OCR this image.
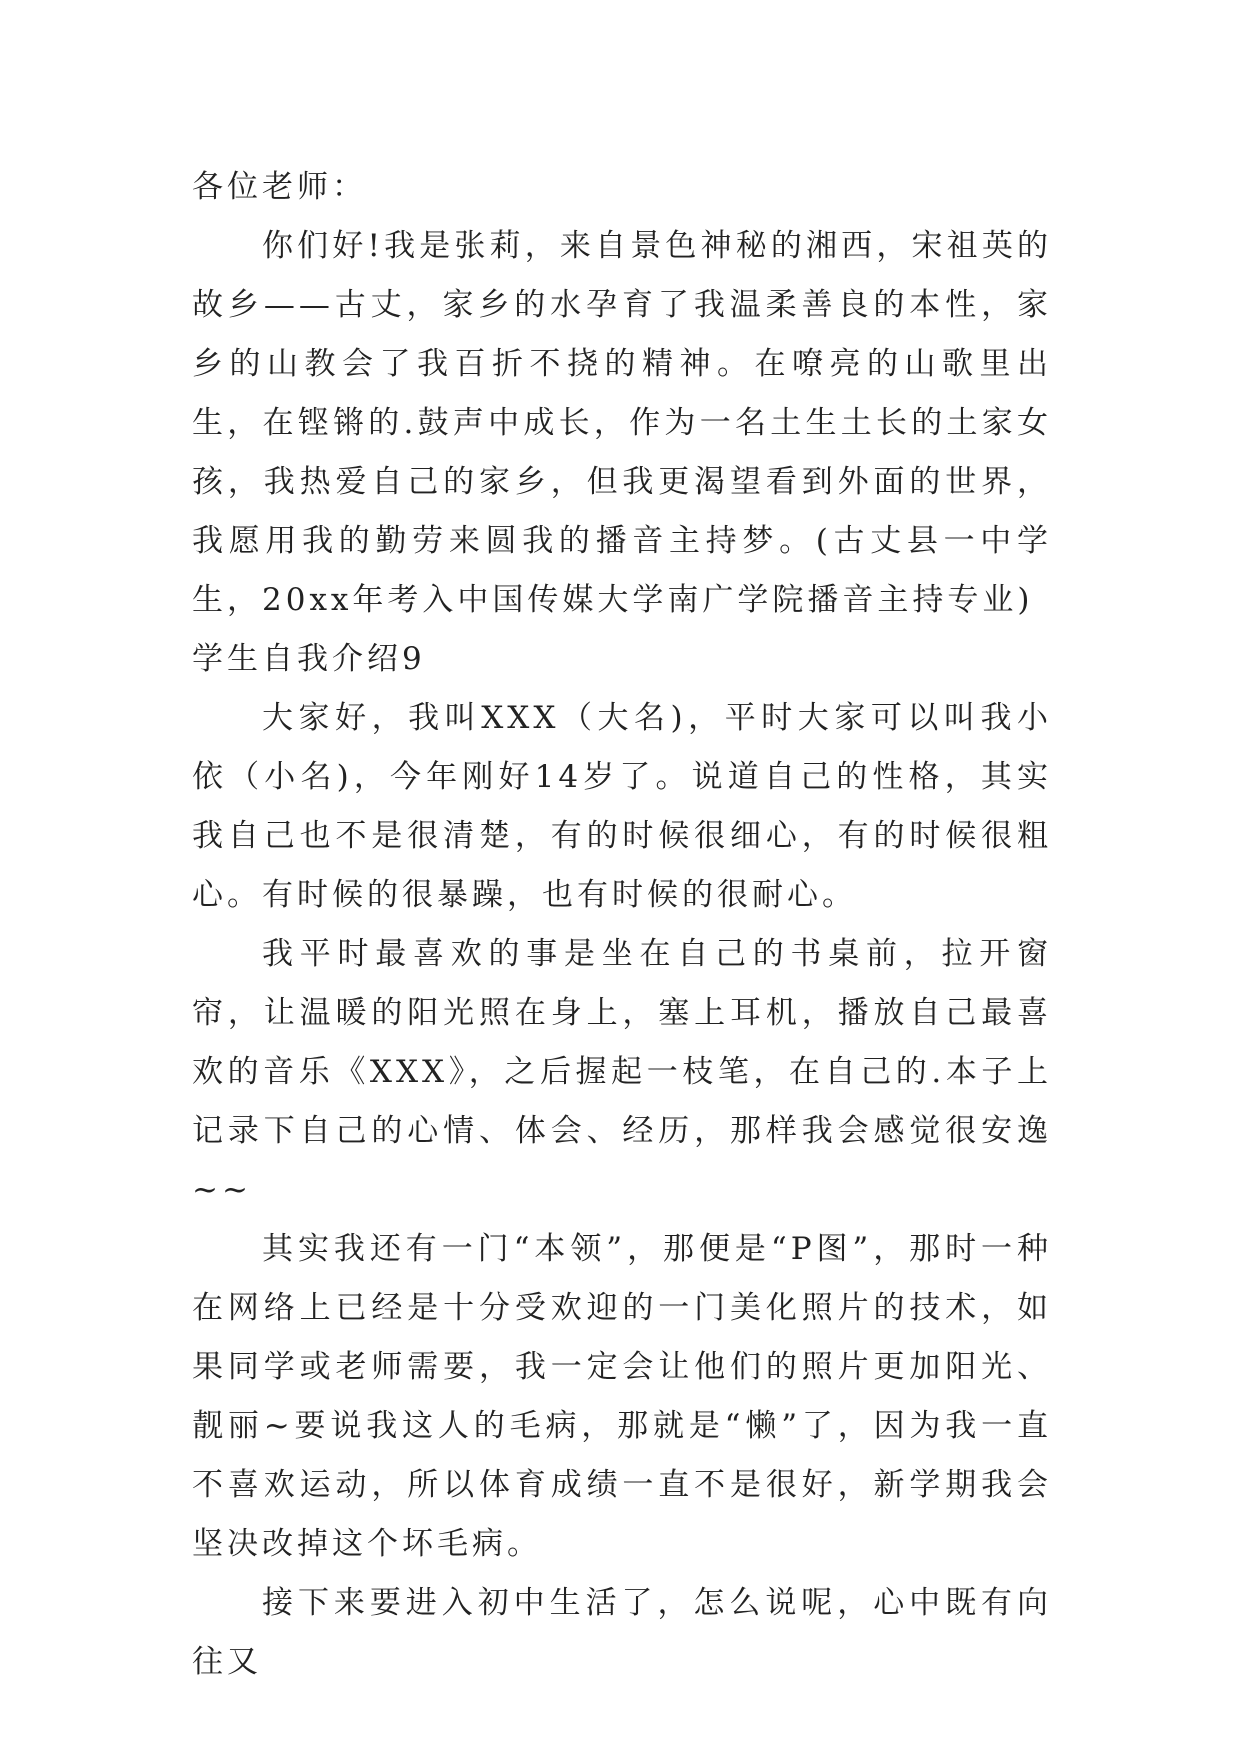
各位老师：

你们好!我是张莉，来自景色神秘的湘西，宋祖英的故乡——古丈，家乡的水孕育了我温柔善良的本性，家乡的山教会了我百折不挠的精神。在嘹亮的山歌里出生，在铿锵的.鼓声中成长，作为一名土生土长的土家女孩，我热爱自己的家乡，但我更渴望看到外面的世界，我愿用我的勤劳来圆我的播音主持梦。(古丈县一中学生，20xx年考入中国传媒大学南广学院播音主持专业)

学生自我介绍9

大家好，我叫XXX（大名)，平时大家可以叫我小依（小名)，今年刚好14岁了。说道自己的性格，其实我自己也不是很清楚，有的时候很细心，有的时候很粗心。有时候的很暴躁，也有时候的很耐心。

我平时最喜欢的事是坐在自己的书桌前，拉开窗帘，让温暖的阳光照在身上，塞上耳机，播放自己最喜欢的音乐《XXX》，之后握起一枝笔，在自己的.本子上记录下自己的心情、体会、经历，那样我会感觉很安逸~~

其实我还有一门“本领”，那便是“P图”，那时一种在网络上已经是十分受欢迎的一门美化照片的技术，如果同学或老师需要，我一定会让他们的照片更加阳光、靓丽~要说我这人的毛病，那就是“懒”了，因为我一直不喜欢运动，所以体育成绩一直不是很好，新学期我会坚决改掉这个坏毛病。

接下来要进入初中生活了，怎么说呢，心中既有向往又
